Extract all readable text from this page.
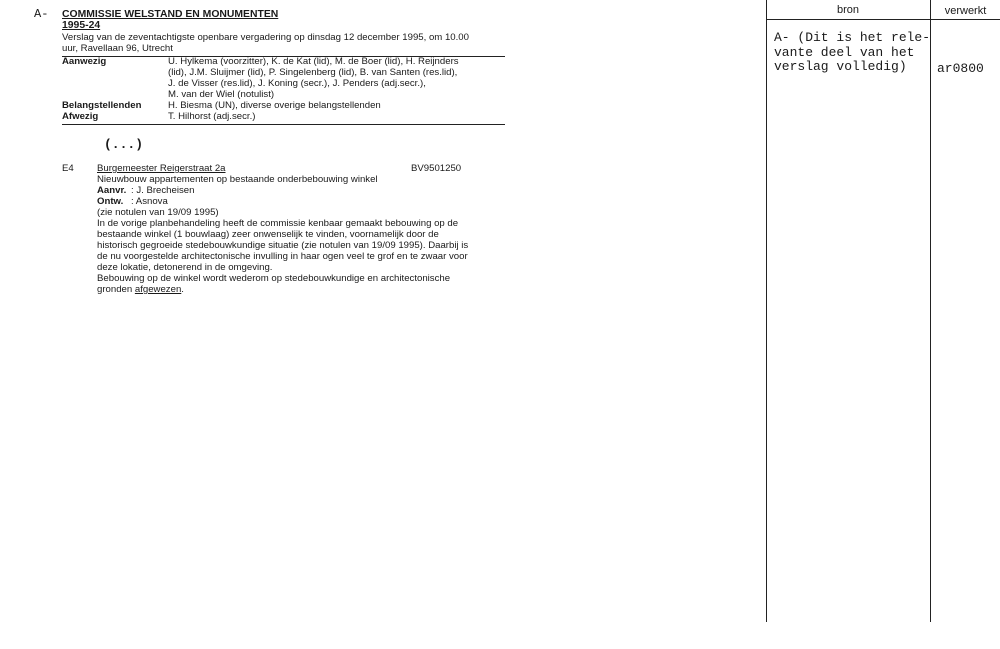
A- COMMISSIE WELSTAND EN MONUMENTEN
1995-24
Verslag van de zeventachtigste openbare vergadering op dinsdag 12 december 1995, om 10.00
uur, Ravellaan 96, Utrecht
Aanwezig	U. Hylkema (voorzitter), K. de Kat (lid), M. de Boer (lid), H. Reijnders
(lid), J.M. Sluijmer (lid), P. Singelenberg (lid), B. van Santen (res.lid),
J. de Visser (res.lid), J. Koning (secr.), J. Penders (adj.secr.),
M. van der Wiel (notulist)
Belangstellenden	H. Biesma (UN), diverse overige belangstellenden
Afwezig	T. Hilhorst (adj.secr.)
(...)
E4 Burgemeester Reigerstraat 2a	BV9501250
Nieuwbouw appartementen op bestaande onderbebouwing winkel
Aanvr. : J. Brecheisen
Ontw. : Asnova
(zie notulen van 19/09 1995)
In de vorige planbehandeling heeft de commissie kenbaar gemaakt bebouwing op de
bestaande winkel (1 bouwlaag) zeer onwenselijk te vinden, voornamelijk door de
historisch gegroeide stedebouwkundige situatie (zie notulen van 19/09 1995). Daarbij is
de nu voorgestelde architectonische invulling in haar ogen veel te grof en te zwaar voor
deze lokatie, detonerend in de omgeving.
Bebouwing op de winkel wordt wederom op stedebouwkundige en architectonische
gronden afgewezen.
bron	verwerkt
A- (Dit is het rele-
vante deel van het
verslag volledig)	ar0800
